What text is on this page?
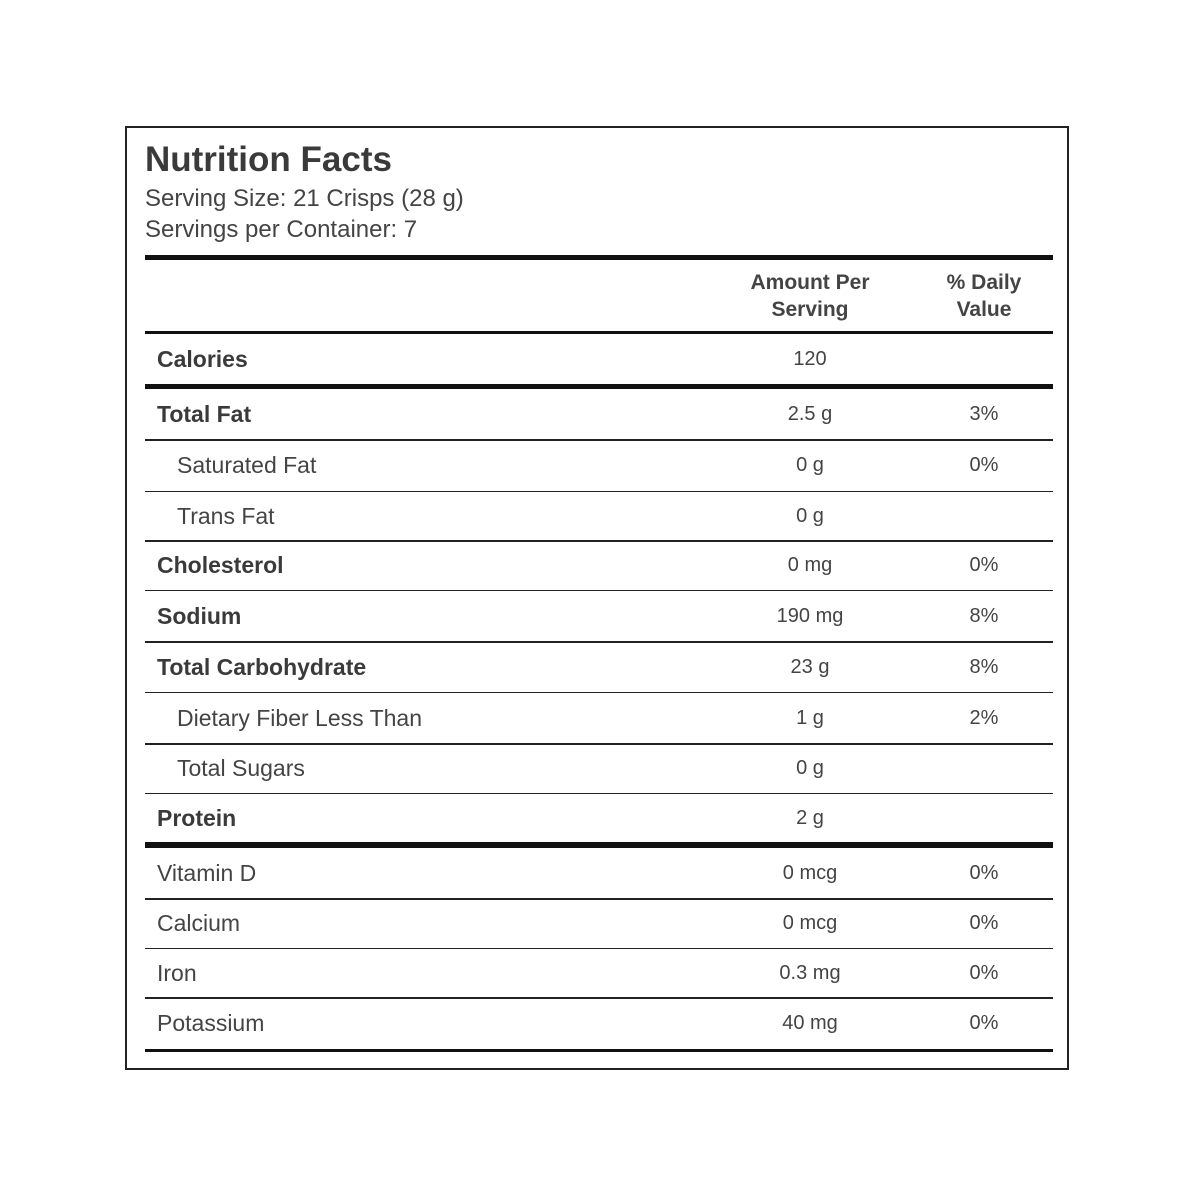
Nutrition Facts
Serving Size: 21 Crisps (28 g)
Servings per Container: 7
Amount Per
Serving
% Daily
Value
Calories	120
Total Fat	2.5 g	3%
Saturated Fat	0 g	0%
Trans Fat	0 g
Cholesterol	0 mg	0%
Sodium	190 mg	8%
Total Carbohydrate	23 g	8%
Dietary Fiber Less Than	1 g	2%
Total Sugars	0 g
Protein	2 g
Vitamin D	0 mcg	0%
Calcium	0 mcg	0%
Iron	0.3 mg	0%
Potassium	40 mg	0%
